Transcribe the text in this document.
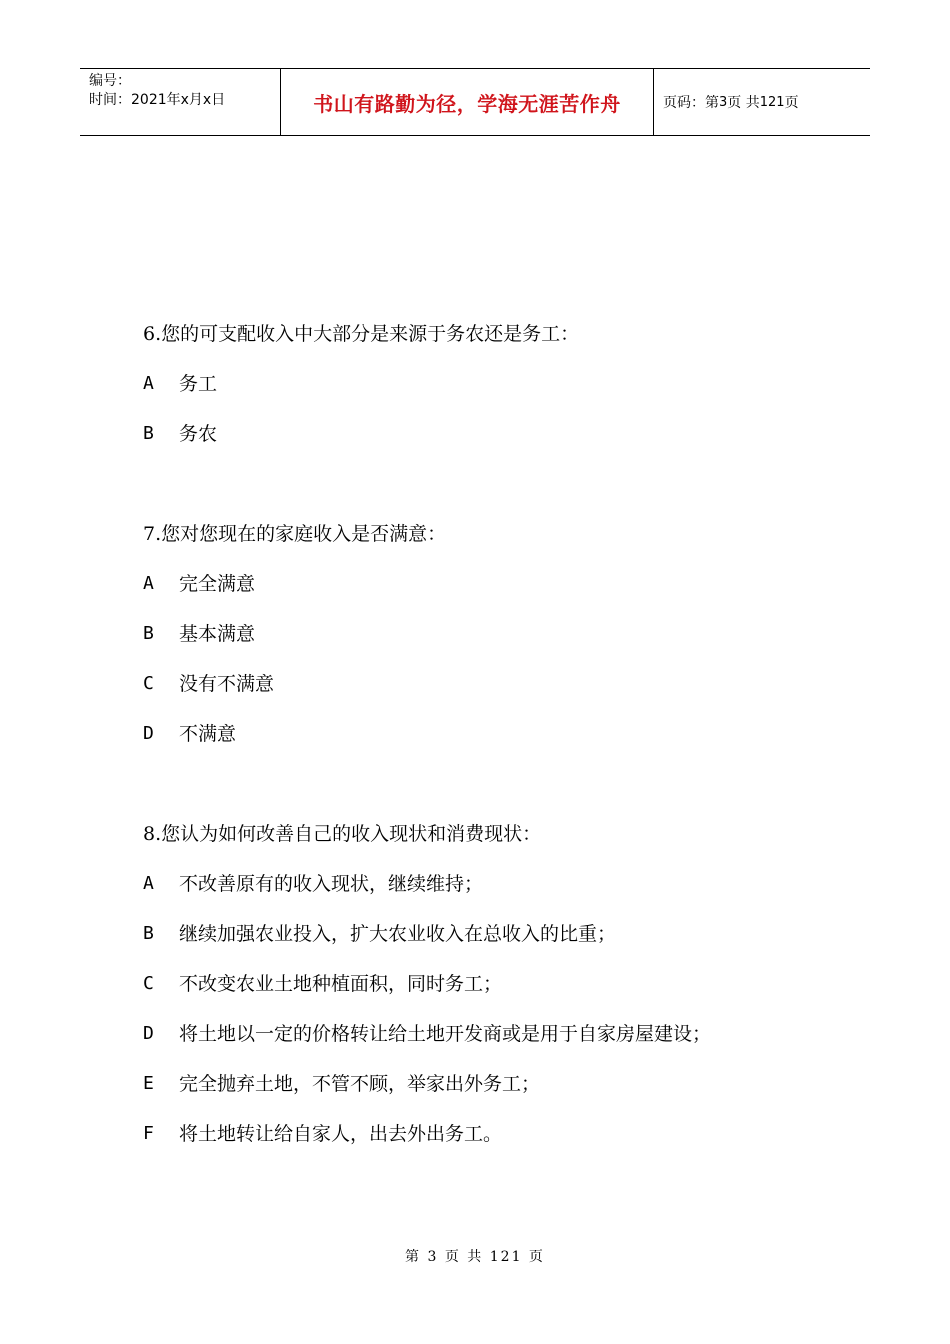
编号：
时间：2021年x月x日	书山有路勤为径，学海无涯苦作舟	页码：第 3 页 共 121 页
6.您的可支配收入中大部分是来源于务农还是务工：
A	务工
B	务农
7.您对您现在的家庭收入是否满意：
A	完全满意
B	基本满意
C	没有不满意
D	不满意
8.您认为如何改善自己的收入现状和消费现状：
A	不改善原有的收入现状，继续维持；
B	继续加强农业投入，扩大农业收入在总收入的比重；
C	不改变农业土地种植面积，同时务工；
D	将土地以一定的价格转让给土地开发商或是用于自家房屋建设；
E	完全抛弃土地，不管不顾，举家出外务工；
F	将土地转让给自家人，出去外出务工。
第 3 页 共 121 页
